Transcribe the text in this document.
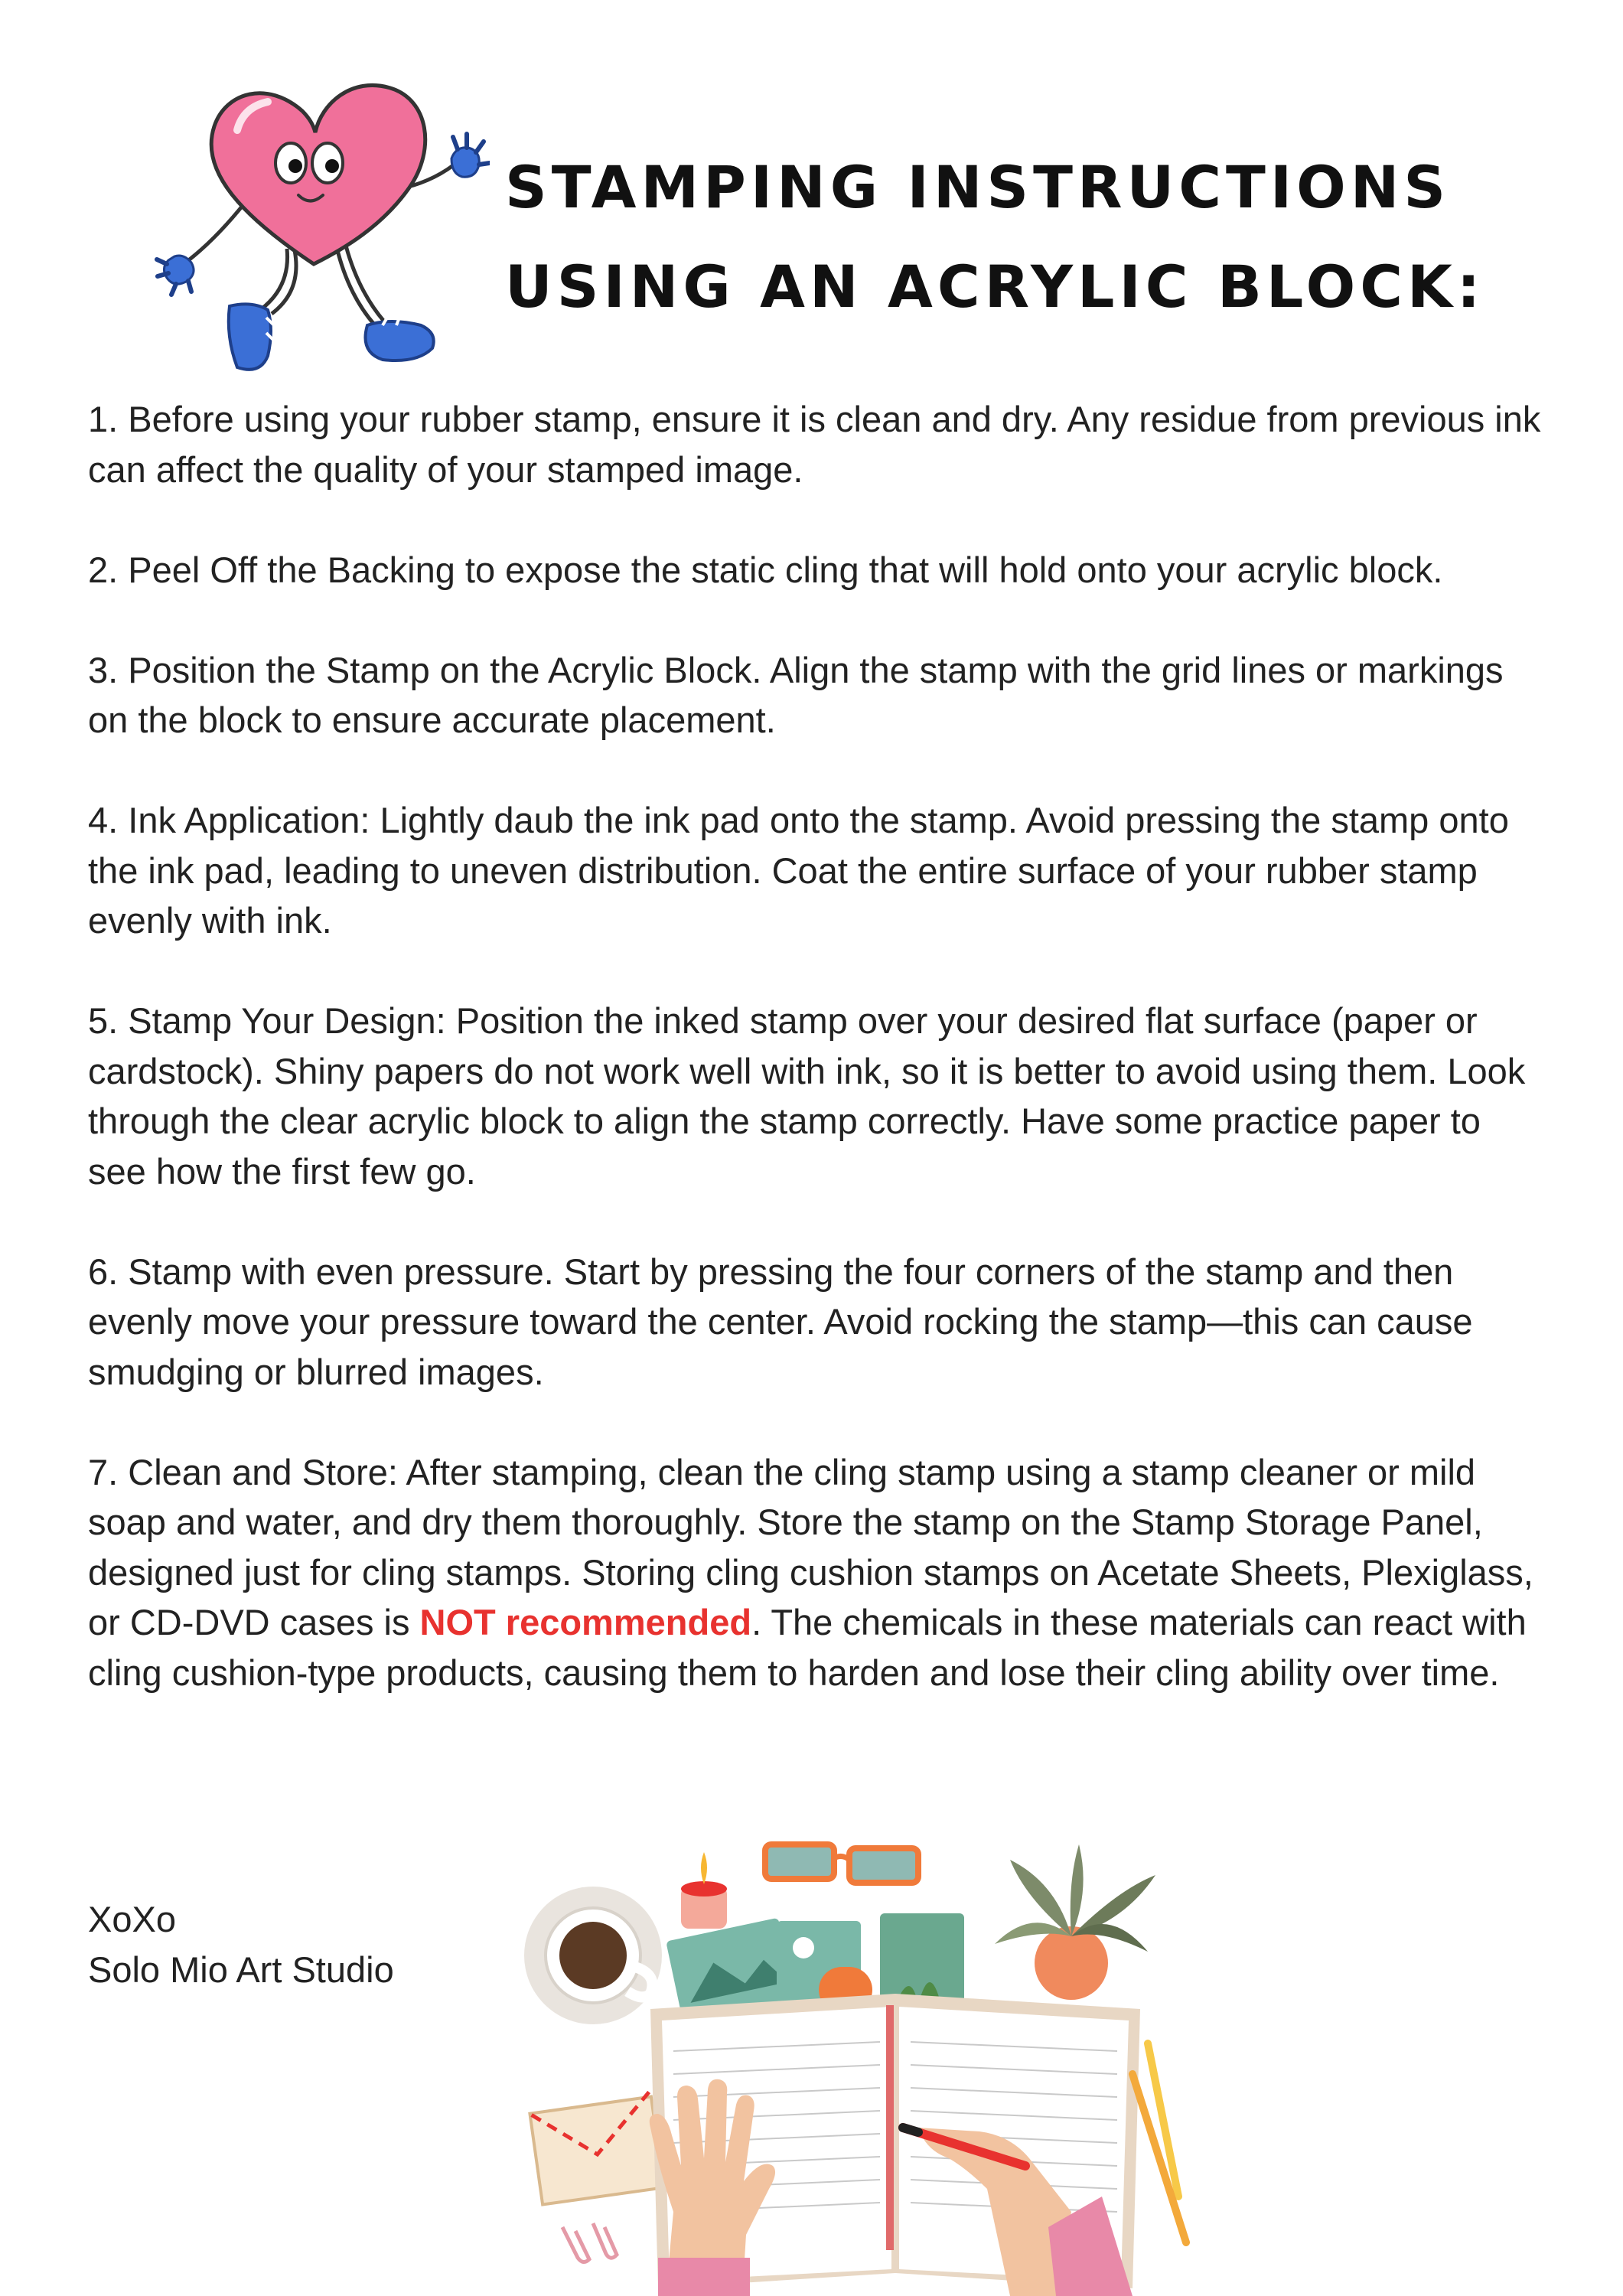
STAMPING INSTRUCTIONS
USING AN ACRYLIC BLOCK:

1. Before using your rubber stamp, ensure it is clean and dry. Any residue from previous ink can affect the quality of your stamped image.

2. Peel Off the Backing to expose the static cling that will hold onto your acrylic block.

3. Position the Stamp on the Acrylic Block. Align the stamp with the grid lines or markings on the block to ensure accurate placement.

4. Ink Application: Lightly daub the ink pad onto the stamp. Avoid pressing the stamp onto the ink pad, leading to uneven distribution. Coat the entire surface of your rubber stamp evenly with ink.

5. Stamp Your Design: Position the inked stamp over your desired flat surface (paper or cardstock). Shiny papers do not work well with ink, so it is better to avoid using them. Look through the clear acrylic block to align the stamp correctly. Have some practice paper to see how the first few go.

6. Stamp with even pressure. Start by pressing the four corners of the stamp and then evenly move your pressure toward the center. Avoid rocking the stamp—this can cause smudging or blurred images.

7. Clean and Store: After stamping, clean the cling stamp using a stamp cleaner or mild soap and water, and dry them thoroughly. Store the stamp on the Stamp Storage Panel, designed just for cling stamps. Storing cling cushion stamps on Acetate Sheets, Plexiglass, or CD-DVD cases is NOT recommended. The chemicals in these materials can react with cling cushion-type products, causing them to harden and lose their cling ability over time.

XoXo
Solo Mio Art Studio
